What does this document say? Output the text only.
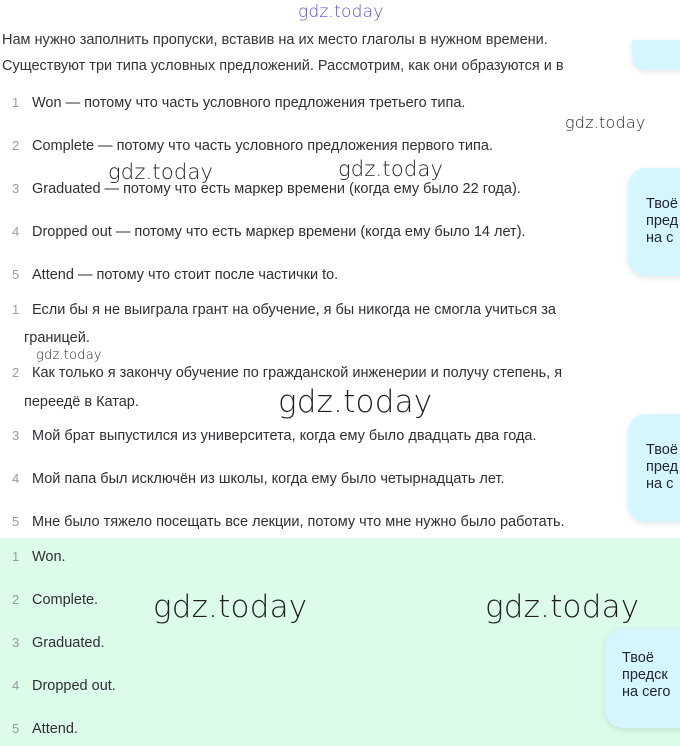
gdz.today
gdz.today
gdz.today	gdz.today
gdz.today
gdz.today
gdz.today	gdz.today
Нам нужно заполнить пропуски, вставив на их место глаголы в нужном времени.
Существуют три типа условных предложений. Рассмотрим, как они образуются и в
1 Won — потому что часть условного предложения третьего типа.
2 Complete — потому что часть условного предложения первого типа.
3 Graduated — потому что есть маркер времени (когда ему было 22 года).
4 Dropped out — потому что есть маркер времени (когда ему было 14 лет).
5 Attend — потому что стоит после частички to.
1 Если бы я не выиграла грант на обучение, я бы никогда не смогла учиться за
границей.
2 Как только я закончу обучение по гражданской инженерии и получу степень, я
переедё в Катар.
3 Мой брат выпустился из университета, когда ему было двадцать два года.
4 Мой папа был исключён из школы, когда ему было четырнадцать лет.
5 Мне было тяжело посещать все лекции, потому что мне нужно было работать.
1 Won.
2 Complete.
3 Graduated.
4 Dropped out.
5 Attend.
Твоё
пред
на с
Твоё
пред
на с
Твоё
предск
на сего
